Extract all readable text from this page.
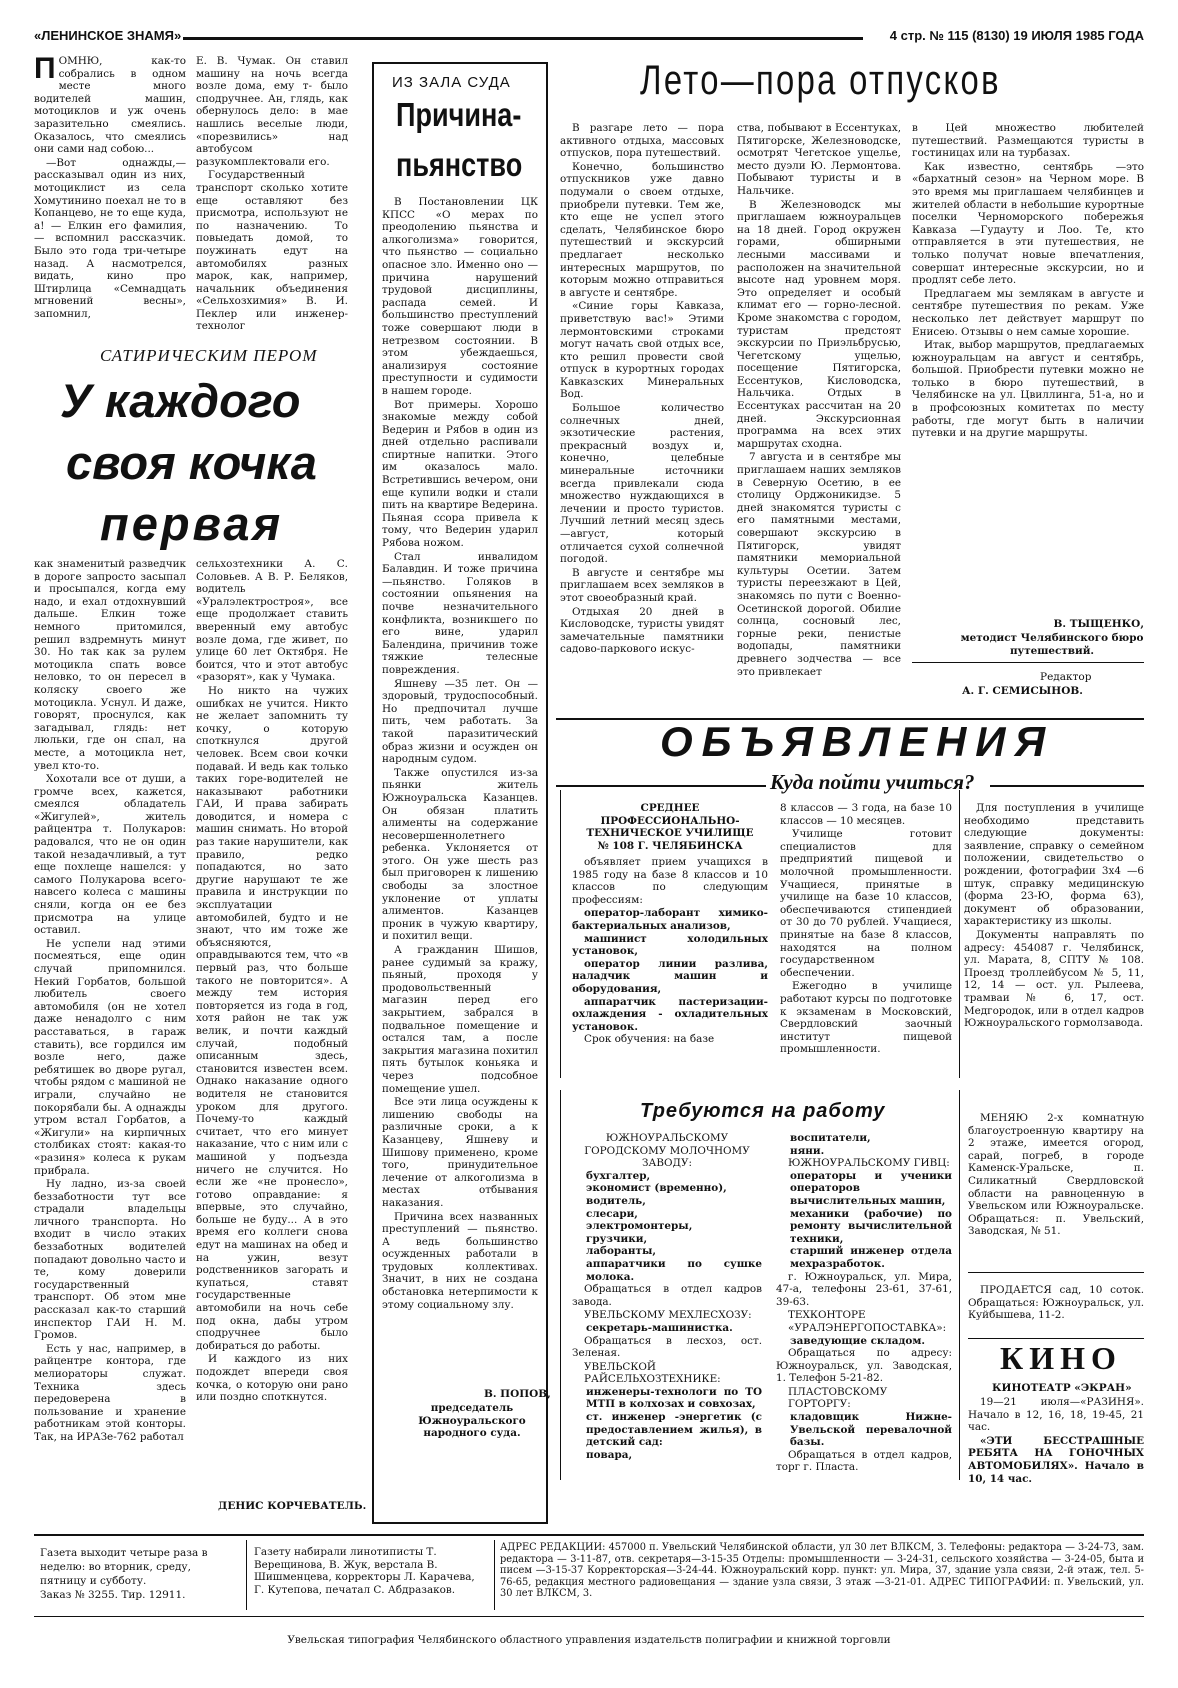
«ЛЕНИНСКОЕ ЗНАМЯ»	4 стр. № 115 (8130) 19 ИЮЛЯ 1985 ГОДА

ПОМНЮ, как-то собрались в одном месте много водителей машин, мотоциклов и уж очень заразительно смеялись. Оказалось, что смеялись они сами над собою...

—Вот однажды,—рассказывал один из них, мотоциклист из села Хомутинино поехал не то в Копанцево, не то еще куда, а! — Елкин его фамилия, — вспомнил рассказчик. Было это года три-четыре назад. А насмотрелся, видать, кино про Штирлица «Семнадцать мгновений весны», запомнил,

Е. В. Чумак. Он ставил машину на ночь всегда возле дома, ему т- было сподручнее. Ан, глядь, как обернулось дело: в мае нашлись веселые люди, «порезвились» над автобусом разукомплектовали его.

Государственный транспорт сколько хотите еще оставляют без присмотра, используют не по назначению. То повыедать домой, то поужинать едут на автомобилях разных марок, как, например, начальник объединения «Сельхозхимия» В. И. Пеклер или инженер-технолог

САТИРИЧЕСКИМ ПЕРОМ
У каждого
своя кочка
первая

как знаменитый разведчик в дороге запросто засыпал и просыпался, когда ему надо, и ехал отдохнувший дальше. Елкин тоже немного притомился, решил вздремнуть минут 30. Но так как за рулем мотоцикла спать вовсе неловко, то он пересел в коляску своего же мотоцикла. Уснул. И даже, говорят, проснулся, как загадывал, глядь: нет люльки, где он спал, на месте, а мотоцикла нет, увел кто-то.

Хохотали все от души, а громче всех, кажется, смеялся обладатель «Жигулей», житель райцентра т. Полукаров: радовался, что не он один такой незадачливый, а тут еще похлеще нашелся: у самого Полукарова всего-навсего колеса с машины сняли, когда он ее без присмотра на улице оставил.

Не успели над этими посмеяться, еще один случай припомнился. Некий Горбатов, большой любитель своего автомобиля (он не хотел даже ненадолго с ним расставаться, в гараж ставить), все гордился им возле него, даже ребятишек во дворе ругал, чтобы рядом с машиной не играли, случайно не покорябали бы. А однажды утром встал Горбатов, а «Жигули» на кирпичных столбиках стоят: какая-то «разиня» колеса к рукам прибрала.

Ну ладно, из-за своей беззаботности тут все страдали владельцы личного транспорта. Но входит в число этаких беззаботных водителей попадают довольно часто и те, кому доверили государственный транспорт. Об этом мне рассказал как-то старший инспектор ГАИ Н. М. Громов.

Есть у нас, например, в райцентре контора, где мелиораторы служат. Техника здесь передоверена в пользование и хранение работникам этой конторы. Так, на ИРАЗе-762 работал

сельхозтехники А. С. Соловьев. А В. Р. Беляков, водитель «Уралэлектростроя», все еще продолжает ставить вверенный ему автобус возле дома, где живет, по улице 60 лет Октября. Не боится, что и этот автобус «разорят», как у Чумака.

Но никто на чужих ошибках не учится. Никто не желает запомнить ту кочку, о которую споткнулся другой человек. Всем свои кочки подавай. И ведь как только таких горе-водителей не наказывают работники ГАИ, И права забирать доводится, и номера с машин снимать. Но второй раз такие нарушители, как правило, редко попадаются, но зато другие нарушают те же правила и инструкции по эксплуатации автомобилей, будто и не знают, что им тоже же объясняются, оправдываются тем, что «в первый раз, что больше такого не повторится». А между тем история повторяется из года в год, хотя район не так уж велик, и почти каждый случай, подобный описанным здесь, становится известен всем. Однако наказание одного водителя не становится уроком для другого. Почему-то каждый считает, что его минует наказание, что с ним или с машиной у подъезда ничего не случится. Но если же «не пронесло», готово оправдание: я впервые, это случайно, больше не буду... А в это время его коллеги снова едут на машинах на обед и на ужин, везут родственников загорать и купаться, ставят государственные автомобили на ночь себе под окна, дабы утром сподручнее было добираться до работы.

И каждого из них подождет впереди своя кочка, о которую они рано или поздно споткнутся.

ДЕНИС КОРЧЕВАТЕЛЬ.
ИЗ ЗАЛА СУДА
Причина-
пьянство

В Постановлении ЦК КПСС «О мерах по преодолению пьянства и алкоголизма» говорится, что пьянство — социально опасное зло. Именно оно —причина нарушений трудовой дисциплины, распада семей. И большинство преступлений тоже совершают люди в нетрезвом состоянии. В этом убеждаешься, анализируя состояние преступности и судимости в нашем городе.

Вот примеры. Хорошо знакомые между собой Ведерин и Рябов в один из дней отдельно распивали спиртные напитки. Этого им оказалось мало. Встретившись вечером, они еще купили водки и стали пить на квартире Ведерина. Пьяная ссора привела к тому, что Ведерин ударил Рябова ножом.

Стал инвалидом Балавдин. И тоже причина —пьянство. Голяков в состоянии опьянения на почве незначительного конфликта, возникшего по его вине, ударил Балендина, причинив тоже тяжкие телесные повреждения.

Яшневу —35 лет. Он — здоровый, трудоспособный. Но предпочитал лучше пить, чем работать. За такой паразитический образ жизни и осужден он народным судом.

Также опустился из-за пьянки житель Южноуральска Казанцев. Он обязан платить алименты на содержание несовершеннолетнего ребенка. Уклоняется от этого. Он уже шесть раз был приговорен к лишению свободы за злостное уклонение от уплаты алиментов. Казанцев проник в чужую квартиру, и похитил вещи.

А гражданин Шишов, ранее судимый за кражу, пьяный, проходя у продовольственный магазин перед его закрытием, забрался в подвальное помещение и остался там, а после закрытия магазина похитил пять бутылок коньяка и через подсобное помещение ушел.

Все эти лица осуждены к лишению свободы на различные сроки, а к Казанцеву, Яшневу и Шишову применено, кроме того, принудительное лечение от алкоголизма в местах отбывания наказания.

Причина всех названных преступлений — пьянство. А ведь большинство осужденных работали в трудовых коллективах. Значит, в них не создана обстановка нетерпимости к этому социальному злу.

В. ПОПОВ,
председатель Южноуральского народного суда.
Лето—пора отпусков

В разгаре лето — пора активного отдыха, массовых отпусков, пора путешествий.

Конечно, большинство отпускников уже давно подумали о своем отдыхе, приобрели путевки. Тем же, кто еще не успел этого сделать, Челябинское бюро путешествий и экскурсий предлагает несколько интересных маршрутов, по которым можно отправиться в августе и сентябре.

«Синие горы Кавказа, приветствую вас!» Этими лермонтовскими строками могут начать свой отдых все, кто решил провести свой отпуск в курортных городах Кавказских Минеральных Вод.

Большое количество солнечных дней, экзотические растения, прекрасный воздух и, конечно, целебные минеральные источники всегда привлекали сюда множество нуждающихся в лечении и просто туристов. Лучший летний месяц здесь —август, который отличается сухой солнечной погодой.

В августе и сентябре мы приглашаем всех земляков в этот своеобразный край.

Отдыхая 20 дней в Кисловодске, туристы увидят замечательные памятники садово-паркового искус-

ства, побывают в Ессентуках, Пятигорске, Железноводске, осмотрят Чегетское ущелье, место дуэли Ю. Лермонтова. Побывают туристы и в Нальчике.

В Железноводск мы приглашаем южноуральцев на 18 дней. Город окружен горами, обширными лесными массивами и расположен на значительной высоте над уровнем моря. Это определяет и особый климат его — горно-лесной. Кроме знакомства с городом, туристам предстоят экскурсии по Приэльбрусью, Чегетскому ущелью, посещение Пятигорска, Ессентуков, Кисловодска, Нальчика. Отдых в Ессентуках рассчитан на 20 дней. Экскурсионная программа на всех этих маршрутах сходна.

7 августа и в сентябре мы приглашаем наших земляков в Северную Осетию, в ее столицу Орджоникидзе. 5 дней знакомятся туристы с его памятными местами, совершают экскурсию в Пятигорск, увидят памятники мемориальной культуры Осетии. Затем туристы переезжают в Цей, знакомясь по пути с Военно-Осетинской дорогой. Обилие солнца, сосновый лес, горные реки, пенистые водопады, памятники древнего зодчества — все это привлекает

в Цей множество любителей путешествий. Размещаются туристы в гостиницах или на турбазах.

Как известно, сентябрь —это «бархатный сезон» на Черном море. В это время мы приглашаем челябинцев и жителей области в небольшие курортные поселки Черноморского побережья Кавказа —Гудауту и Лоо. Те, кто отправляется в эти путешествия, не только получат новые впечатления, совершат интересные экскурсии, но и продлят себе лето.

Предлагаем мы землякам в августе и сентябре путешествия по рекам. Уже несколько лет действует маршрут по Енисею. Отзывы о нем самые хорошие.

Итак, выбор маршрутов, предлагаемых южноуральцам на август и сентябрь, большой. Приобрести путевки можно не только в бюро путешествий, в Челябинске на ул. Цвиллинга, 51-а, но и в профсоюзных комитетах по месту работы, где могут быть в наличии путевки и на другие маршруты.

В. ТЫЩЕНКО,
методист Челябинского бюро путешествий.
Редактор
А. Г. СЕМИСЫНОВ.
ОБЪЯВЛЕНИЯ
Куда пойти учиться?
СРЕДНЕЕ
ПРОФЕССИОНАЛЬНО-
ТЕХНИЧЕСКОЕ УЧИЛИЩЕ
№ 108 Г. ЧЕЛЯБИНСКА

объявляет прием учащихся в 1985 году на базе 8 классов и 10 классов по следующим профессиям:

оператор-лаборант химико-бактериальных анализов,
машинист холодильных установок,
оператор линии разлива, наладчик машин и оборудования,
аппаратчик пастеризации-охлаждения - охладительных установок.

Срок обучения: на базе

8 классов — 3 года, на базе 10 классов — 10 месяцев.

Училище готовит специалистов для предприятий пищевой и молочной промышленности. Учащиеся, принятые в училище на базе 10 классов, обеспечиваются стипендией от 30 до 70 рублей. Учащиеся, принятые на базе 8 классов, находятся на полном государственном обеспечении.

Ежегодно в училище работают курсы по подготовке к экзаменам в Московский, Свердловский заочный институт пищевой промышленности.

Для поступления в училище необходимо представить следующие документы: заявление, справку о семейном положении, свидетельство о рождении, фотографии 3х4 —6 штук, справку медицинскую (форма 23-Ю, форма 63), документ об образовании, характеристику из школы.

Документы направлять по адресу: 454087 г. Челябинск, ул. Марата, 8, СПТУ № 108. Проезд троллейбусом № 5, 11, 12, 14 — ост. ул. Рылеева, трамваи № 6, 17, ост. Медгородок, или в отдел кадров Южноуральского гормолзавода.

Требуются на работу
ЮЖНОУРАЛЬСКОМУ ГОРОДСКОМУ МОЛОЧНОМУ ЗАВОДУ:
бухгалтер,
экономист (временно),
водитель,
слесари,
электромонтеры,
грузчики,
лаборанты,
аппаратчики по сушке молока.

Обращаться в отдел кадров завода.

УВЕЛЬСКОМУ МЕХЛЕСХОЗУ:
секретарь-машинистка.

Обращаться в лесхоз, ост. Зеленая.

УВЕЛЬСКОЙ РАЙСЕЛЬХОЗТЕХНИКЕ:
инженеры-технологи по ТО МТП в колхозах и совхозах,
ст. инженер -энергетик (с предоставлением жилья), в детский сад:
повара,
воспитатели,
няни.
ЮЖНОУРАЛЬСКОМУ ГИВЦ:
операторы и ученики операторов вычислительных машин,
механики (рабочие) по ремонту вычислительной техники,
старший инженер отдела мехразработок.

г. Южноуральск, ул. Мира, 47-а, телефоны 23-61, 37-61, 39-63.

ТЕХКОНТОРЕ «УРАЛЭНЕРГОПОСТАВКА»:
заведующие складом.

Обращаться по адресу: Южноуральск, ул. Заводская, 1. Телефон 5-21-82.

ПЛАСТОВСКОМУ ГОРТОРГУ:
кладовщик Нижне-Увельской перевалочной базы.

Обращаться в отдел кадров, торг г. Пласта.

МЕНЯЮ 2-х комнатную благоустроенную квартиру на 2 этаже, имеется огород, сарай, погреб, в городе Каменск-Уральске, п. Силикатный Свердловской области на равноценную в Увельском или Южноуральске. Обращаться: п. Увельский, Заводская, № 51.

ПРОДАЕТСЯ сад, 10 соток. Обращаться: Южноуральск, ул. Куйбышева, 11-2.

КИНО
КИНОТЕАТР «ЭКРАН»

19—21 июля—«РАЗИНЯ». Начало в 12, 16, 18, 19-45, 21 час.

«ЭТИ БЕССТРАШНЫЕ РЕБЯТА НА ГОНОЧНЫХ АВТОМОБИЛЯХ». Начало в 10, 14 час.

Газета выходит четыре раза в неделю: во вторник, среду, пятницу и субботу.
Заказ № 3255. Тир. 12911.
Газету набирали линотиписты Т. Верещинова, В. Жук, верстала В. Шишменцева, корректоры Л. Карачева, Г. Кутепова, печатал С. Абдразаков.
АДРЕС РЕДАКЦИИ: 457000 п. Увельский Челябинской области, ул 30 лет ВЛКСМ, 3. Телефоны: редактора — 3-24-73, зам. редактора — 3-11-87, отв. секретаря—3-15-35 Отделы: промышленности — 3-24-31, сельского хозяйства — 3-24-05, быта и писем —3-15-37 Корректорская—3-24-44. Южноуральский корр. пункт: ул. Мира, 37, здание узла связи, 2-й этаж, тел. 5-76-65, редакция местного радиовещания — здание узла связи, 3 этаж —3-21-01. АДРЕС ТИПОГРАФИИ: п. Увельский, ул. 30 лет ВЛКСМ, 3.
Увельская типография Челябинского областного управления издательств полиграфии и книжной торговли
